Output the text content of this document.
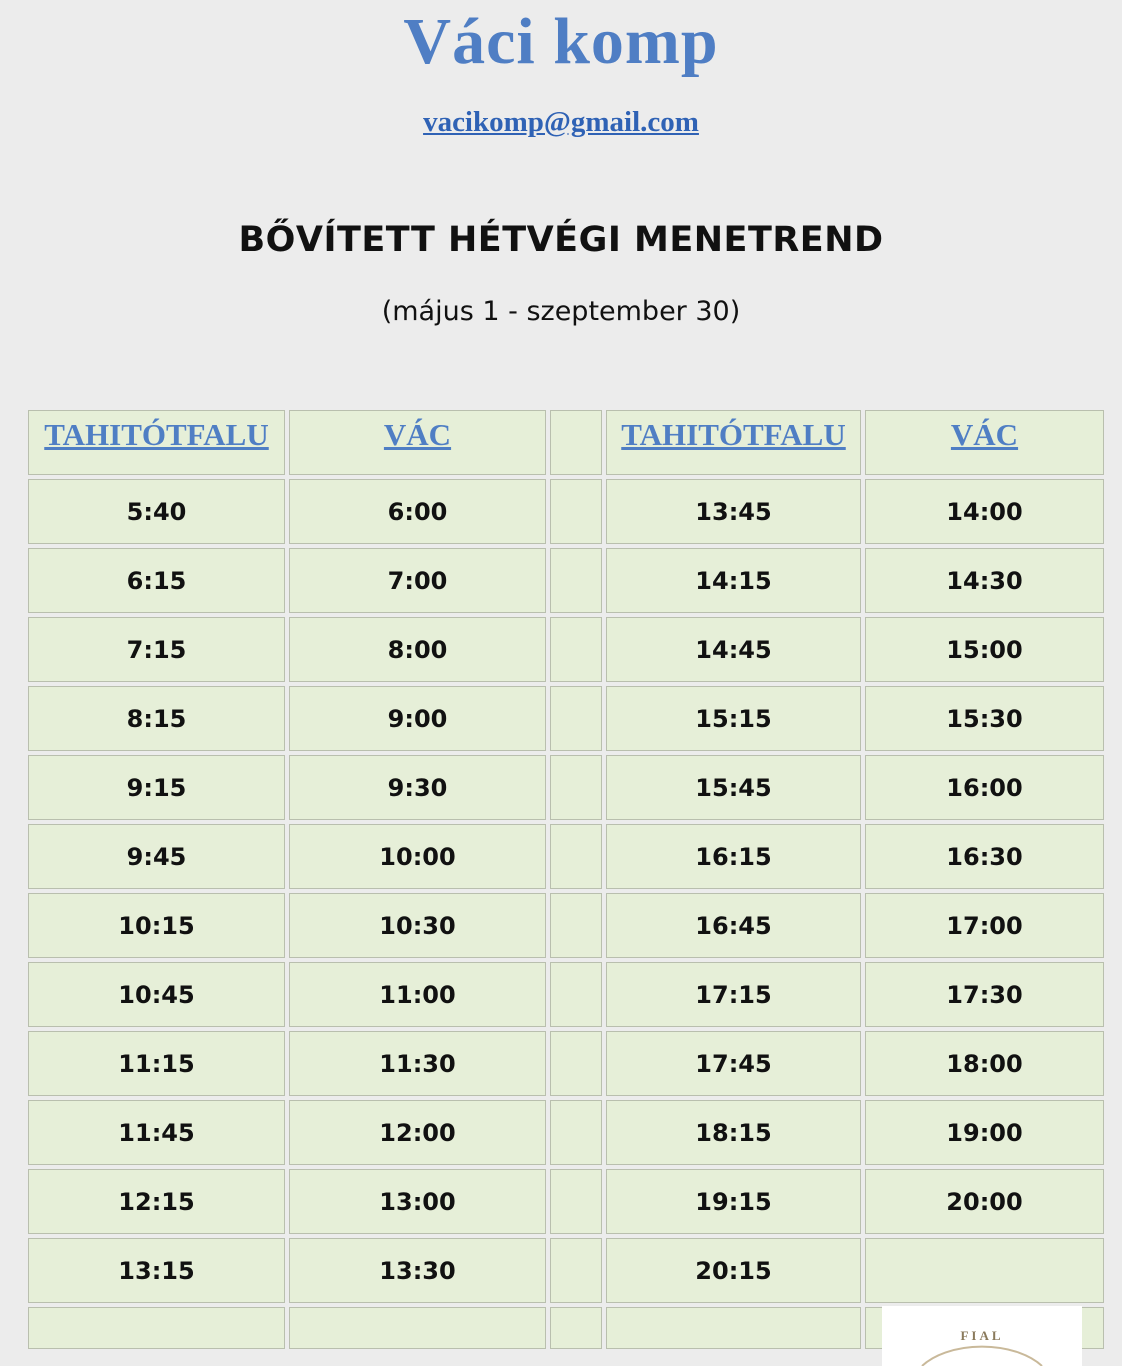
Váci komp
vacikomp@gmail.com
BŐVÍTETT HÉTVÉGI MENETREND
(május 1 - szeptember 30)
TAHITÓTFALU	VÁC		TAHITÓTFALU	VÁC
5:40	6:00		13:45	14:00
6:15	7:00		14:15	14:30
7:15	8:00		14:45	15:00
8:15	9:00		15:15	15:30
9:15	9:30		15:45	16:00
9:45	10:00		16:15	16:30
10:15	10:30		16:45	17:00
10:45	11:00		17:15	17:30
11:15	11:30		17:45	18:00
11:45	12:00		18:15	19:00
12:15	13:00		19:15	20:00
13:15	13:30		20:15	

FIAL
